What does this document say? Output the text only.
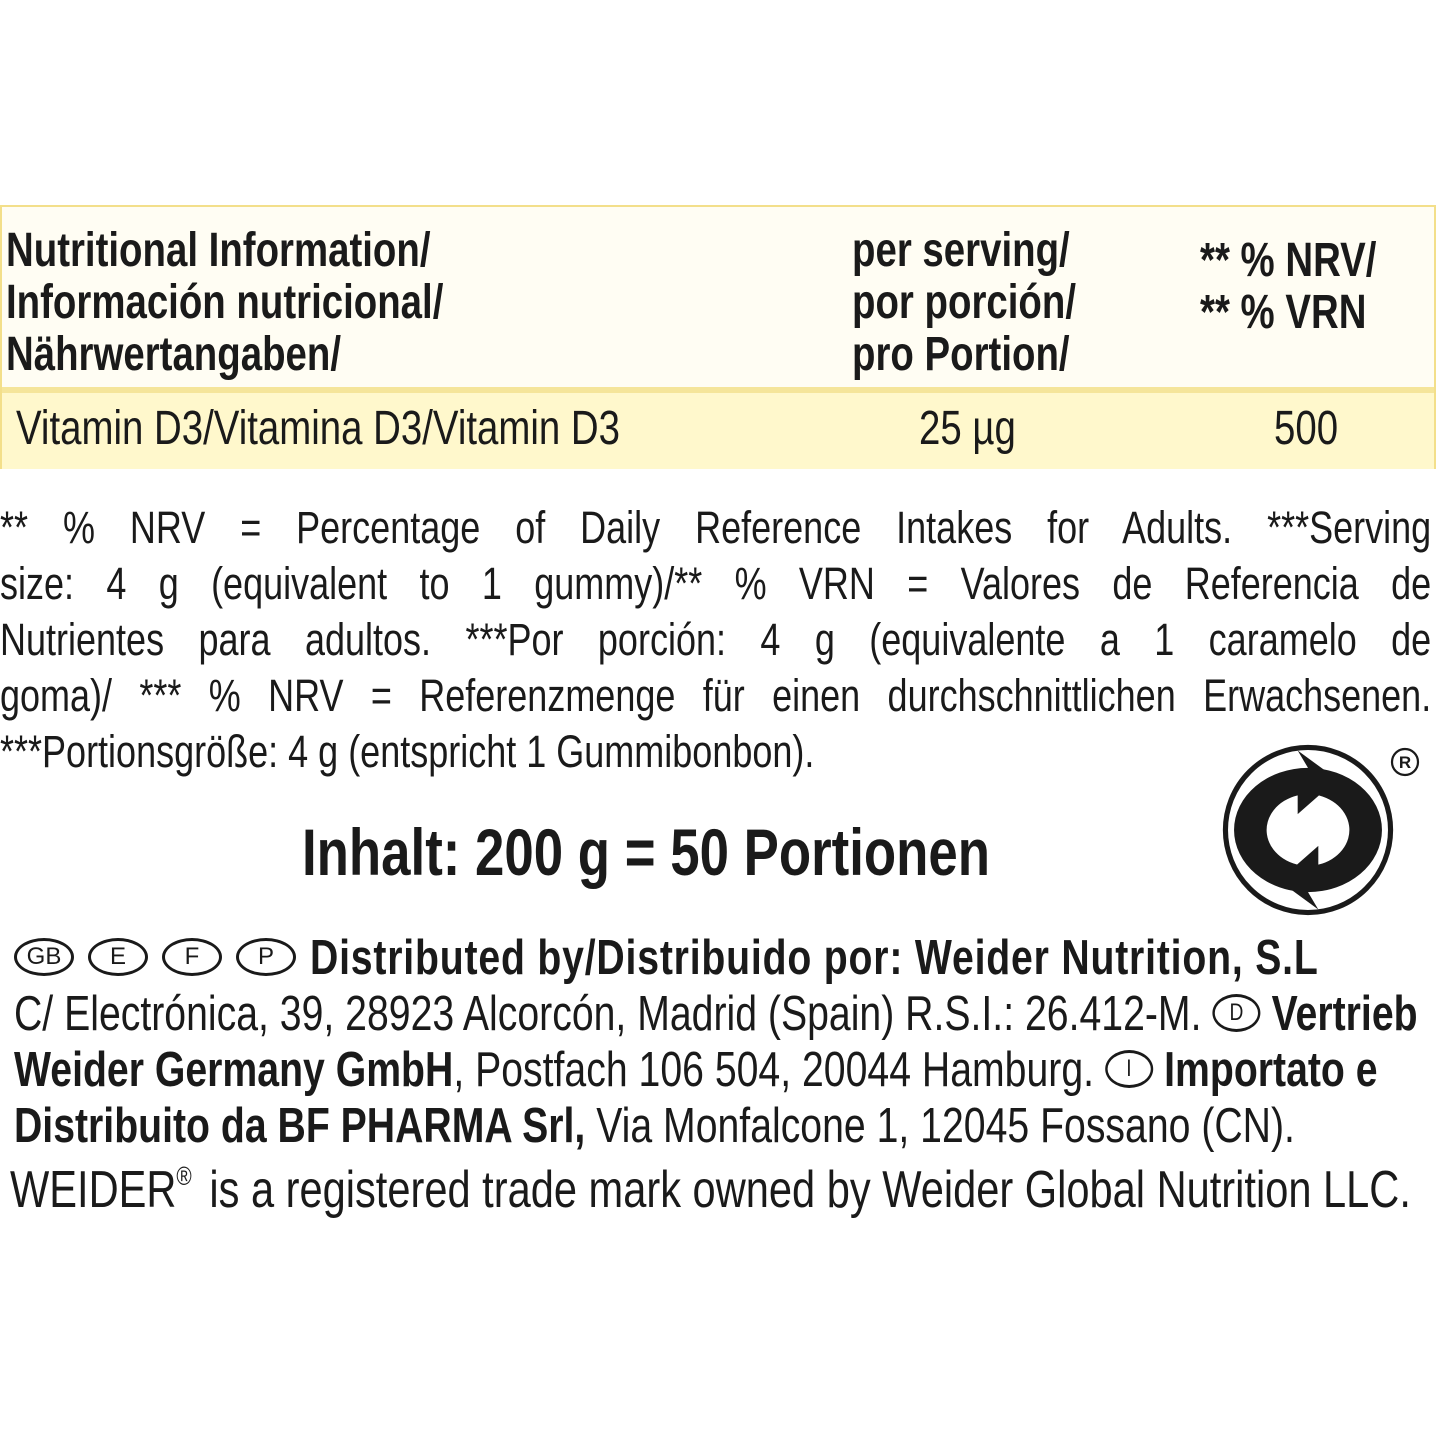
Nutritional Information/
Información nutricional/
Nährwertangaben/
per serving/
por porción/
pro Portion/
** % NRV/
** % VRN
Vitamin D3/Vitamina D3/Vitamin D3	25 µg	500
** % NRV = Percentage of Daily Reference Intakes for Adults. ***Serving
size: 4 g (equivalent to 1 gummy)/** % VRN = Valores de Referencia de
Nutrientes para adultos. ***Por porción: 4 g (equivalente a 1 caramelo de
goma)/ *** % NRV = Referenzmenge für einen durchschnittlichen Erwachsenen.
***Portionsgröße: 4 g (entspricht 1 Gummibonbon).
Inhalt: 200 g = 50 Portionen
R
GB E F P Distributed by/Distribuido por: Weider Nutrition, S.L
C/ Electrónica, 39, 28923 Alcorcón, Madrid (Spain) R.S.I.: 26.412-M. D Vertrieb
Weider Germany GmbH, Postfach 106 504, 20044 Hamburg. I Importato e
Distribuito da BF PHARMA Srl, Via Monfalcone 1, 12045 Fossano (CN).
WEIDER® is a registered trade mark owned by Weider Global Nutrition LLC.
